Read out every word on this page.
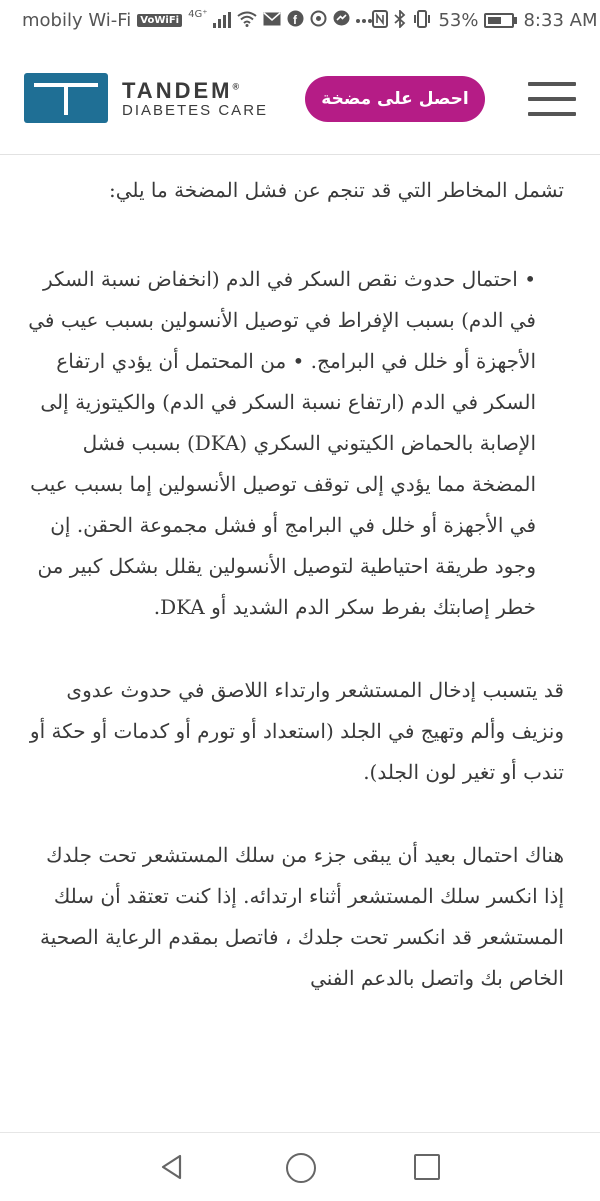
mobily Wi-Fi VoWiFi
4G⁺	f	53%	8:33 AM
TANDEM®
DIABETES CARE
احصل على مضخة

تشمل المخاطر التي قد تنجم عن فشل المضخة ما يلي:

• احتمال حدوث نقص السكر في الدم (انخفاض نسبة السكر في الدم) بسبب الإفراط في توصيل الأنسولين بسبب عيب في الأجهزة أو خلل في البرامج. • من المحتمل أن يؤدي ارتفاع السكر في الدم (ارتفاع نسبة السكر في الدم) والكيتوزية إلى الإصابة بالحماض الكيتوني السكري (DKA) بسبب فشل المضخة مما يؤدي إلى توقف توصيل الأنسولين إما بسبب عيب في الأجهزة أو خلل في البرامج أو فشل مجموعة الحقن. إن وجود طريقة احتياطية لتوصيل الأنسولين يقلل بشكل كبير من خطر إصابتك بفرط سكر الدم الشديد أو DKA.

قد يتسبب إدخال المستشعر وارتداء اللاصق في حدوث عدوى ونزيف وألم وتهيج في الجلد (استعداد أو تورم أو كدمات أو حكة أو تندب أو تغير لون الجلد).

هناك احتمال بعيد أن يبقى جزء من سلك المستشعر تحت جلدك إذا انكسر سلك المستشعر أثناء ارتدائه. إذا كنت تعتقد أن سلك المستشعر قد انكسر تحت جلدك ، فاتصل بمقدم الرعاية الصحية الخاص بك واتصل بالدعم الفني
